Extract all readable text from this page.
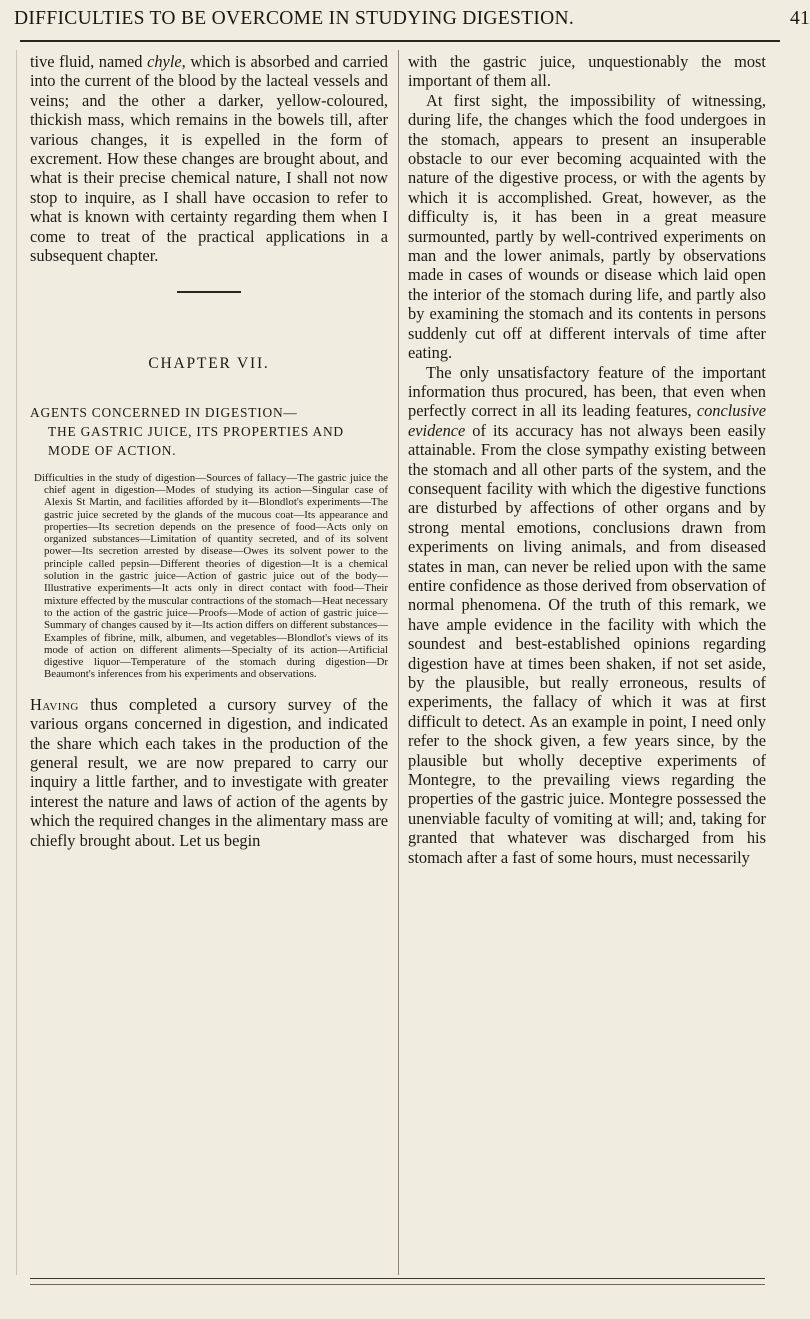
DIFFICULTIES TO BE OVERCOME IN STUDYING DIGESTION.	41

tive fluid, named chyle, which is absorbed and carried into the current of the blood by the lacteal vessels and veins; and the other a darker, yellow-coloured, thickish mass, which remains in the bowels till, after various changes, it is expelled in the form of excrement. How these changes are brought about, and what is their precise chemical nature, I shall not now stop to inquire, as I shall have occasion to refer to what is known with certainty regarding them when I come to treat of the practical applications in a subsequent chapter.

CHAPTER VII.
AGENTS CONCERNED IN DIGESTION—
THE GASTRIC JUICE, ITS PROPERTIES AND MODE OF ACTION.

Difficulties in the study of digestion—Sources of fallacy—The gastric juice the chief agent in digestion—Modes of studying its action—Singular case of Alexis St Martin, and facilities afforded by it—Blondlot's experiments—The gastric juice secreted by the glands of the mucous coat—Its appearance and properties—Its secretion depends on the presence of food—Acts only on organized substances—Limitation of quantity secreted, and of its solvent power—Its secretion arrested by disease—Owes its solvent power to the principle called pepsin—Different theories of digestion—It is a chemical solution in the gastric juice—Action of gastric juice out of the body—Illustrative experiments—It acts only in direct contact with food—Their mixture effected by the muscular contractions of the stomach—Heat necessary to the action of the gastric juice—Proofs—Mode of action of gastric juice—Summary of changes caused by it—Its action differs on different substances—Examples of fibrine, milk, albumen, and vegetables—Blondlot's views of its mode of action on different aliments—Specialty of its action—Artificial digestive liquor—Temperature of the stomach during digestion—Dr Beaumont's inferences from his experiments and observations.

Having thus completed a cursory survey of the various organs concerned in digestion, and indicated the share which each takes in the production of the general result, we are now prepared to carry our inquiry a little farther, and to investigate with greater interest the nature and laws of action of the agents by which the required changes in the alimentary mass are chiefly brought about. Let us begin

with the gastric juice, unquestionably the most important of them all.

At first sight, the impossibility of witnessing, during life, the changes which the food undergoes in the stomach, appears to present an insuperable obstacle to our ever becoming acquainted with the nature of the digestive process, or with the agents by which it is accomplished. Great, however, as the difficulty is, it has been in a great measure surmounted, partly by well-contrived experiments on man and the lower animals, partly by observations made in cases of wounds or disease which laid open the interior of the stomach during life, and partly also by examining the stomach and its contents in persons suddenly cut off at different intervals of time after eating.

The only unsatisfactory feature of the important information thus procured, has been, that even when perfectly correct in all its leading features, conclusive evidence of its accuracy has not always been easily attainable. From the close sympathy existing between the stomach and all other parts of the system, and the consequent facility with which the digestive functions are disturbed by affections of other organs and by strong mental emotions, conclusions drawn from experiments on living animals, and from diseased states in man, can never be relied upon with the same entire confidence as those derived from observation of normal phenomena. Of the truth of this remark, we have ample evidence in the facility with which the soundest and best-established opinions regarding digestion have at times been shaken, if not set aside, by the plausible, but really erroneous, results of experiments, the fallacy of which it was at first difficult to detect. As an example in point, I need only refer to the shock given, a few years since, by the plausible but wholly deceptive experiments of Montegre, to the prevailing views regarding the properties of the gastric juice. Montegre possessed the unenviable faculty of vomiting at will; and, taking for granted that whatever was discharged from his stomach after a fast of some hours, must necessarily
